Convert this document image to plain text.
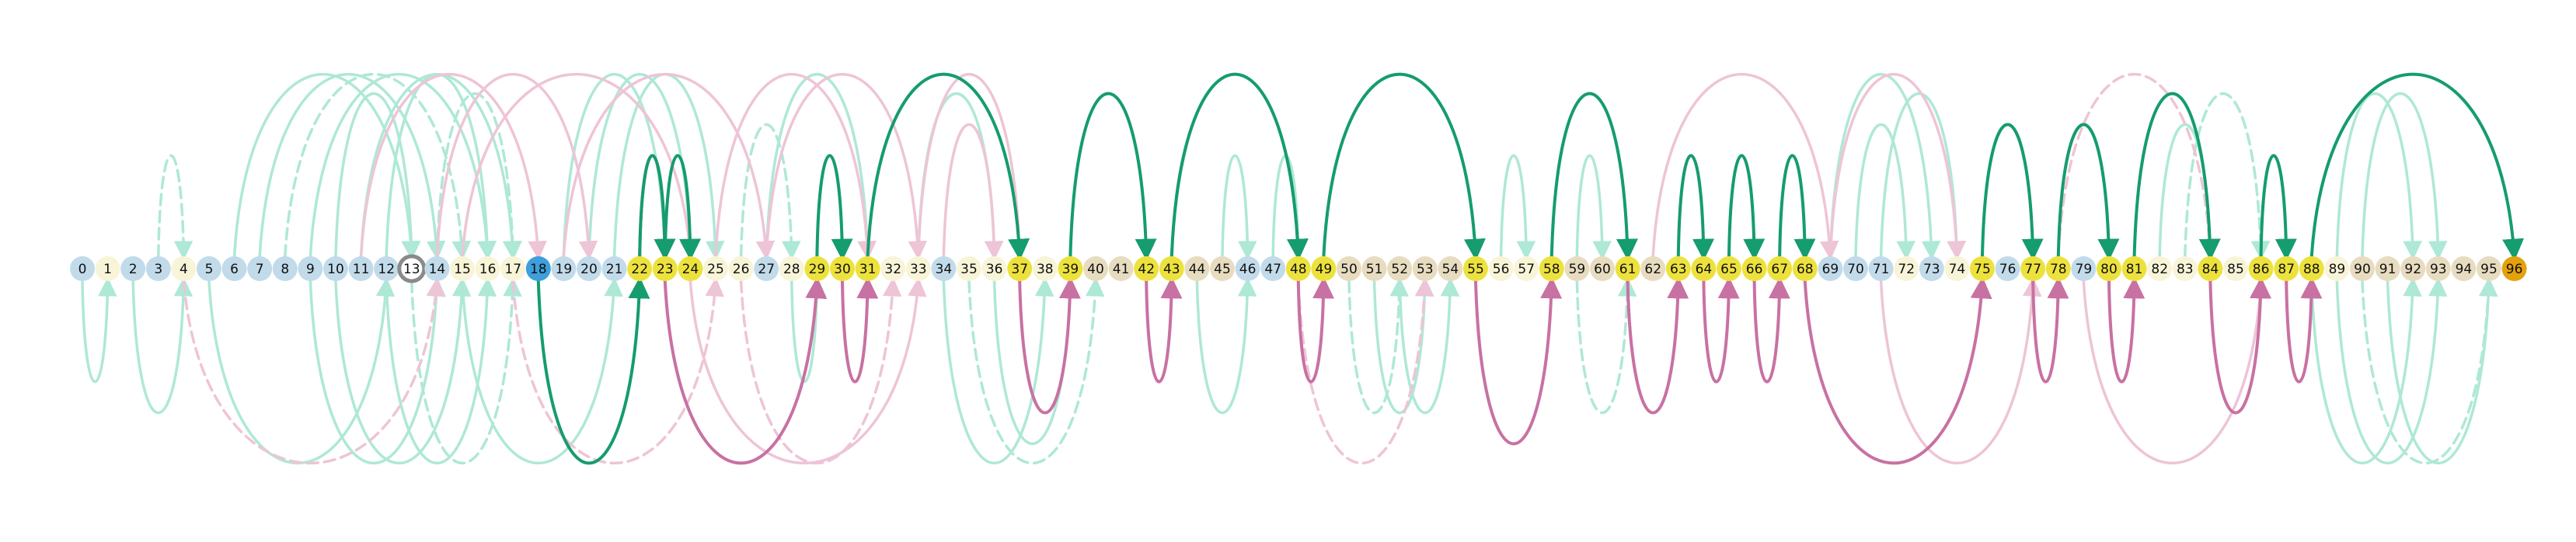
0 1 2 3 4 5 6 7 8 9 10 11 12 13 14 15 16 17 18 19 20 21 22 23 24 25 26 27 28 29 30 31 32 33 34 35 36 37 38 39 40 41 42 43 44 45 46 47 48 49 50 51 52 53 54 55 56 57 58 59 60 61 62 63 64 65 66 67 68 69 70 71 72 73 74 75 76 77 78 79 80 81 82 83 84 85 86 87 88 89 90 91 92 93 94 95 96
